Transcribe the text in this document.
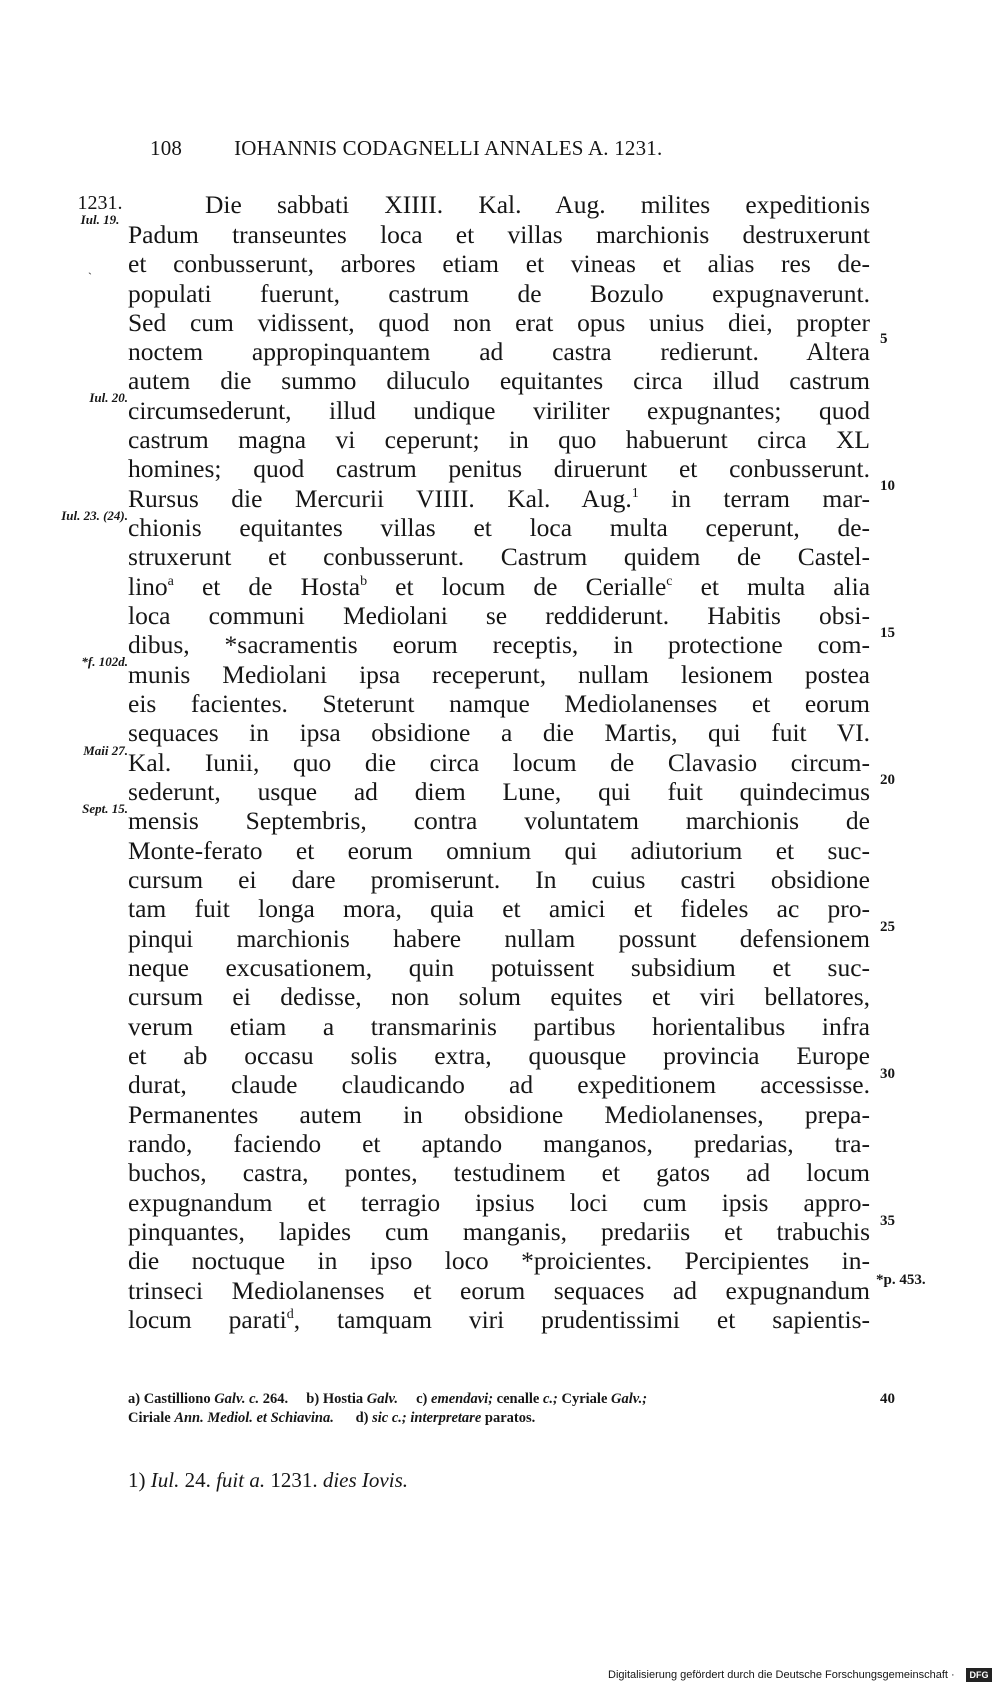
108 IOHANNIS CODAGNELLI ANNALES A. 1231.
1231.
Iul. 19.
`
Die sabbati XIIII. Kal. Aug. milites expeditionis
Padum transeuntes loca et villas marchionis destruxerunt
et conbusserunt, arbores etiam et vineas et alias res de-
populati fuerunt, castrum de Bozulo expugnaverunt.
Sed cum vidissent, quod non erat opus unius diei, propter
noctem appropinquantem ad castra redierunt. Altera
autem die summo diluculo equitantes circa illud castrum
circumsederunt, illud undique viriliter expugnantes; quod
castrum magna vi ceperunt; in quo habuerunt circa XL
homines; quod castrum penitus diruerunt et conbusserunt.
Rursus die Mercurii VIIII. Kal. Aug.$^1$ in terram mar-
chionis equitantes villas et loca multa ceperunt, de-
struxerunt et conbusserunt. Castrum quidem de Castel-
lino$^a$ et de Hosta$^b$ et locum de Cerialle$^c$ et multa alia
loca communi Mediolani se reddiderunt. Habitis obsi-
dibus, *sacramentis eorum receptis, in protectione com-
munis Mediolani ipsa receperunt, nullam lesionem postea
eis facientes. Steterunt namque Mediolanenses et eorum
sequaces in ipsa obsidione a die Martis, qui fuit VI.
Kal. Iunii, quo die circa locum de Clavasio circum-
sederunt, usque ad diem Lune, qui fuit quindecimus
mensis Septembris, contra voluntatem marchionis de
Monte-ferato et eorum omnium qui adiutorium et suc-
cursum ei dare promiserunt. In cuius castri obsidione
tam fuit longa mora, quia et amici et fideles ac pro-
pinqui marchionis habere nullam possunt defensionem
neque excusationem, quin potuissent subsidium et suc-
cursum ei dedisse, non solum equites et viri bellatores,
verum etiam a transmarinis partibus horientalibus infra
et ab occasu solis extra, quousque provincia Europe
durat, claude claudicando ad expeditionem accessisse.
Permanentes autem in obsidione Mediolanenses, prepa-
rando, faciendo et aptando manganos, predarias, tra-
buchos, castra, pontes, testudinem et gatos ad locum
expugnandum et terragio ipsius loci cum ipsis appro-
pinquantes, lapides cum manganis, predariis et trabuchis
die noctuque in ipso loco *proicientes. Percipientes in-
trinseci Mediolanenses et eorum sequaces ad expugnandum
locum parati$^d$, tamquam viri prudentissimi et sapientis-
5
10
15
20
25
30
35
*p. 453.
Iul. 20.
Iul. 23. (24).
*f. 102d.
Maii 27.
Sept. 15.
a) Castilliono Galv. c. 264. b) Hostia Galv. c) emendavi; cenalle c.; Cyriale Galv.;	40
Ciriale Ann. Mediol. et Schiavina. d) sic c.; interpretare paratos.
1) Iul. 24. fuit a. 1231. dies Iovis.
Digitalisierung gefördert durch die Deutsche Forschungsgemeinschaft ·	DFG
